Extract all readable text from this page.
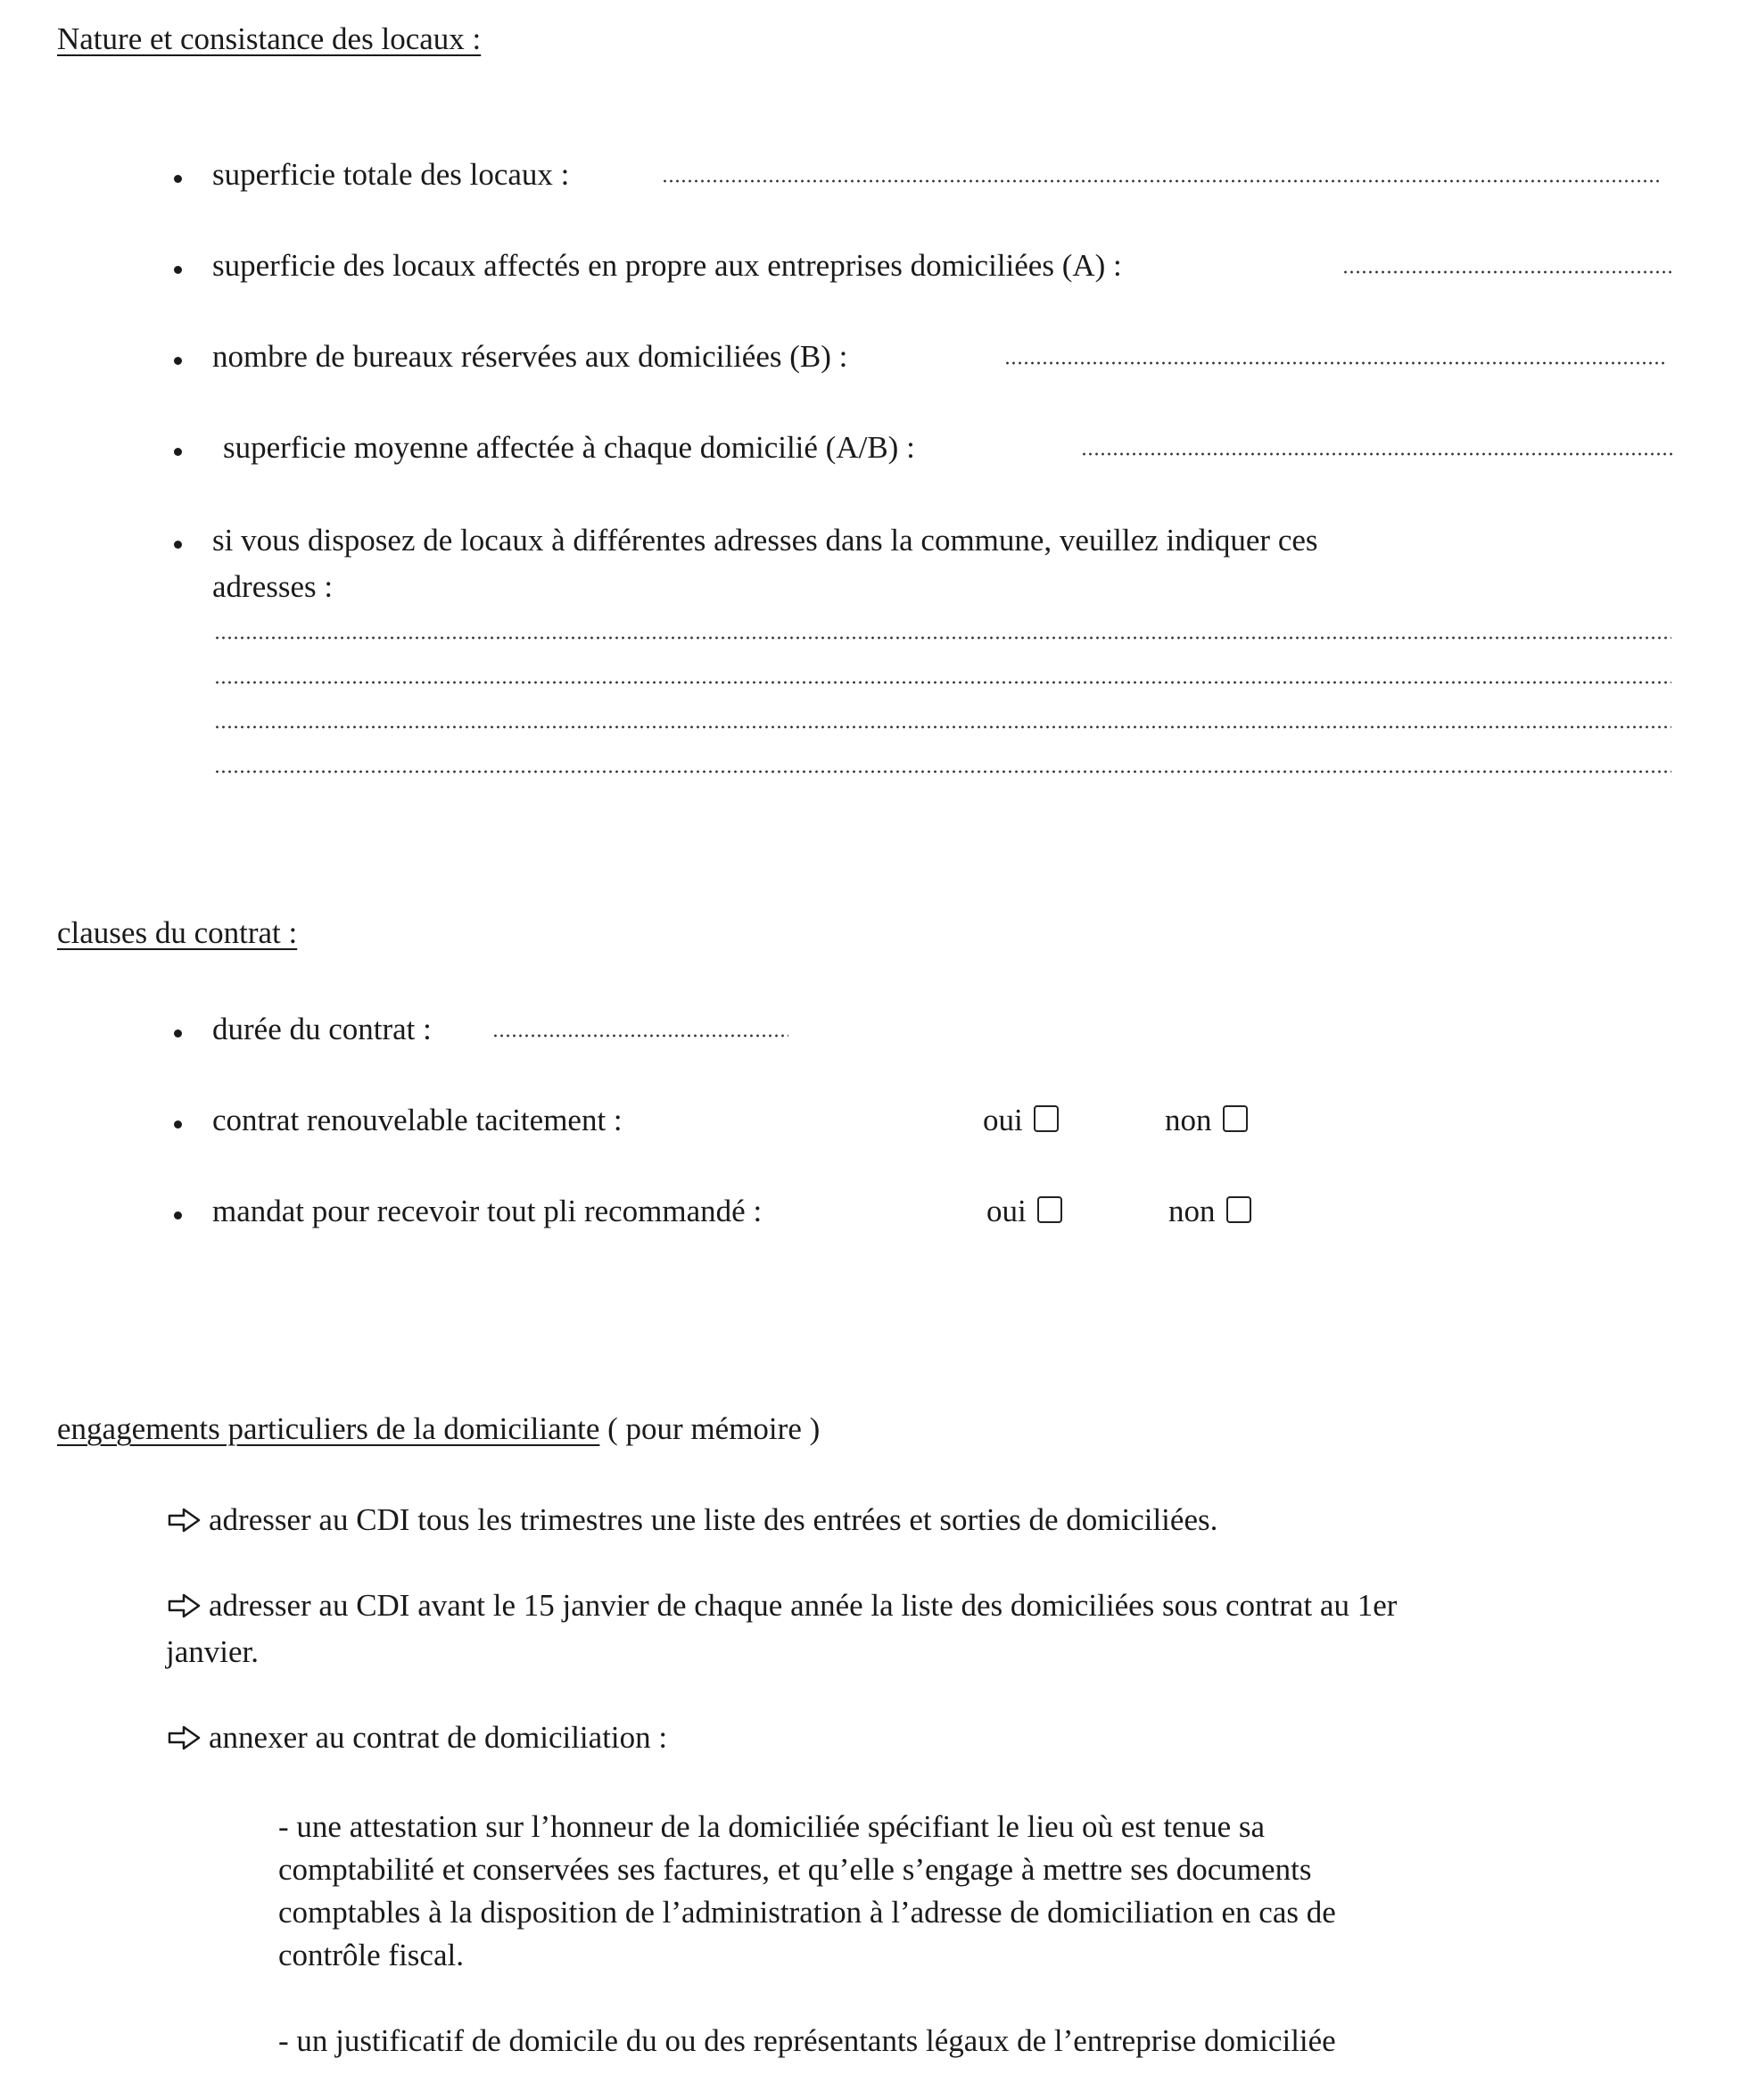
Nature et consistance des locaux :
superficie totale des locaux :
superficie des locaux affectés en propre aux entreprises domiciliées (A) :
nombre de bureaux réservées aux domiciliées (B) :
superficie moyenne affectée à chaque domicilié (A/B) :
si vous disposez de locaux à différentes adresses dans la commune, veuillez indiquer ces
adresses :
clauses du contrat :
durée du contrat :
contrat renouvelable tacitement :	oui	non
mandat pour recevoir tout pli recommandé :	oui	non
engagements particuliers de la domiciliante ( pour mémoire )
adresser au CDI tous les trimestres une liste des entrées et sorties de domiciliées.
adresser au CDI avant le 15 janvier de chaque année la liste des domiciliées sous contrat au 1er
janvier.
annexer au contrat de domiciliation :
- une attestation sur l’honneur de la domiciliée spécifiant le lieu où est tenue sa
comptabilité et conservées ses factures, et qu’elle s’engage à mettre ses documents
comptables à la disposition de l’administration à l’adresse de domiciliation en cas de
contrôle fiscal.
- un justificatif de domicile du ou des représentants légaux de l’entreprise domiciliée
